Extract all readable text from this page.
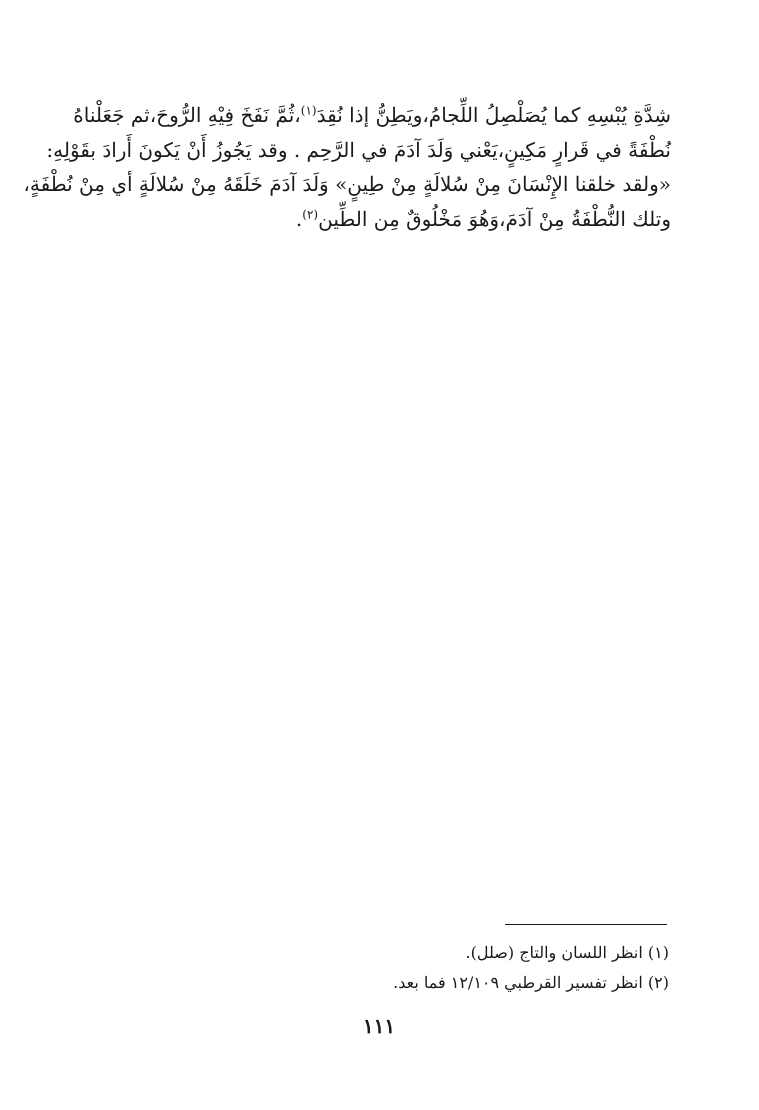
شِدَّةِ يُبْسِهِ كما يُصَلْصِلُ اللِّجامُ،ويَطِنُّ إذا نُقِدَ$^{(١)}$،ثُمَّ نَفَخَ فِيْهِ الرُّوحَ،ثم جَعَلْناهُ
نُطْفَةً في قَرارٍ مَكِينٍ،يَعْني وَلَدَ آدَمَ في الرَّحِم . وقد يَجُوزُ أَنْ يَكونَ أَرادَ بقَوْلِهِ:
«ولقد خلقنا الإِنْسَانَ مِنْ سُلالَةٍ مِنْ طِينٍ» وَلَدَ آدَمَ خَلَقَهُ مِنْ سُلالَةٍ أي مِنْ نُطْفَةٍ،
وتلك النُّطْفَةُ مِنْ آدَمَ،وَهُوَ مَخْلُوقٌ مِن الطِّين$^{(٢)}$.
(١) انظر اللسان والتاج (صلل).
(٢) انظر تفسير القرطبي ١٢/١٠٩ فما بعد.
١١١
